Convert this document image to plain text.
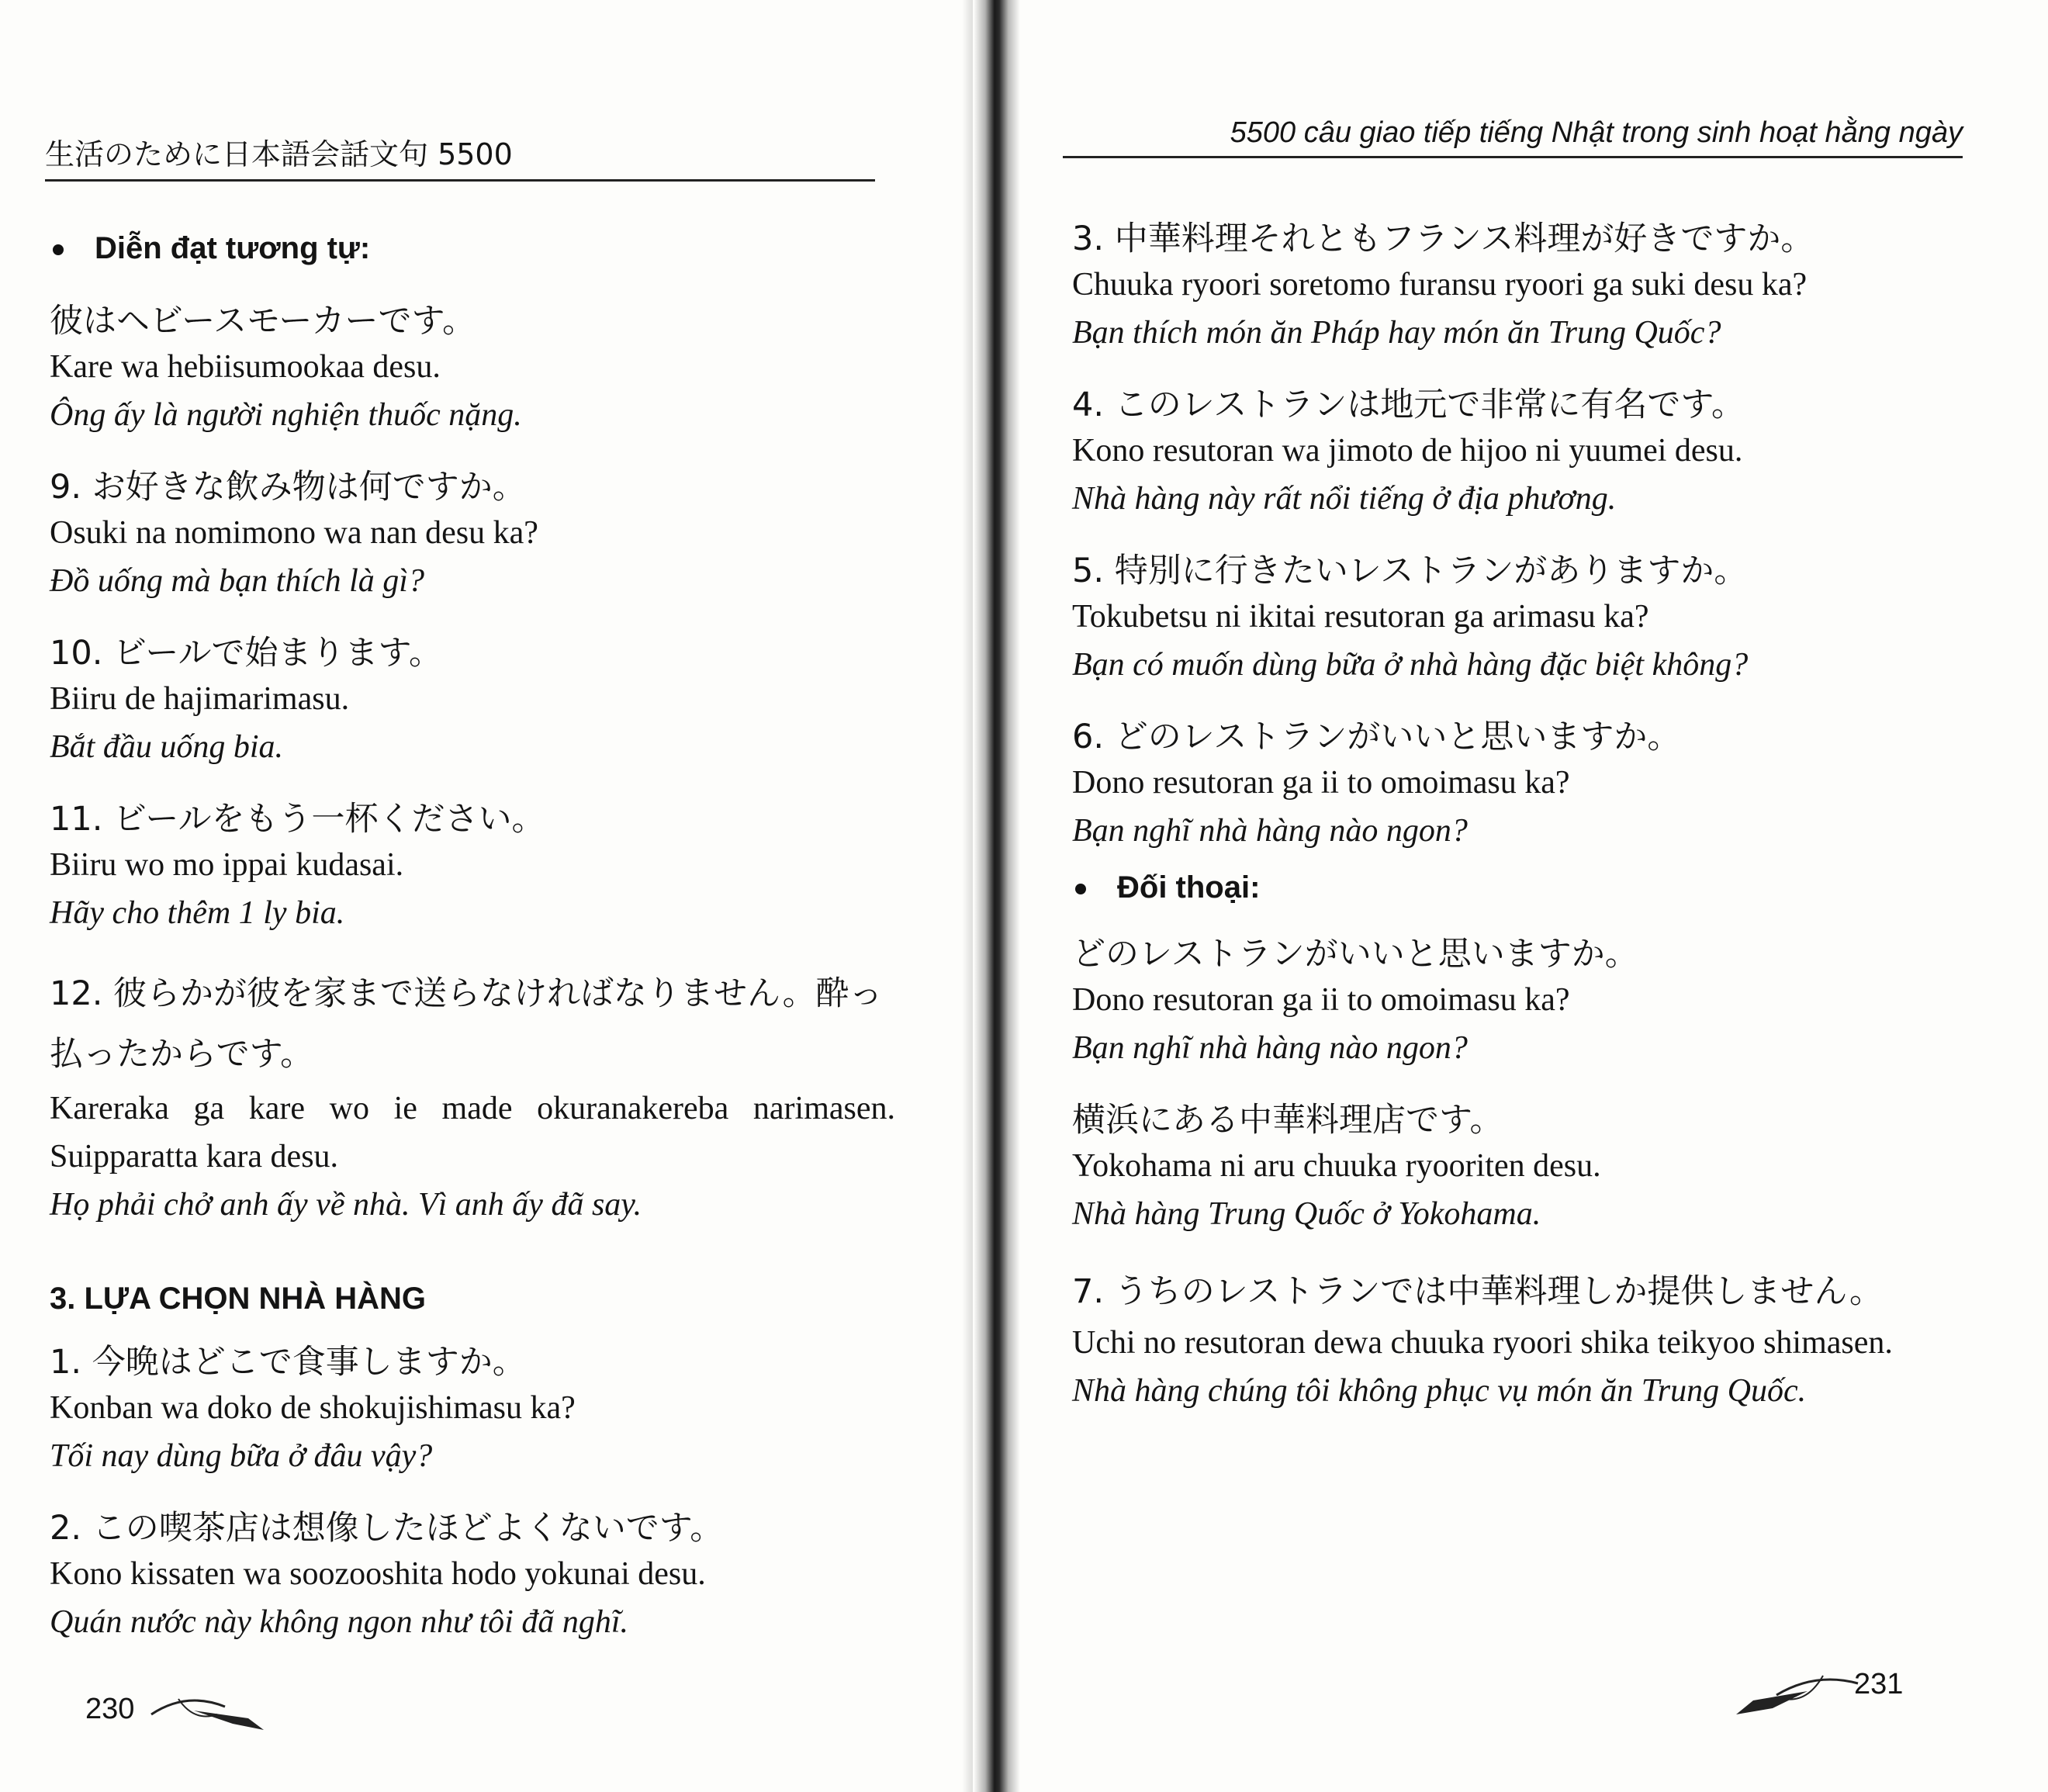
生活のために日本語会話文句 5500
Diễn đạt tương tự:
彼はヘビースモーカーです。
Kare wa hebiisumookaa desu.
Ông ấy là người nghiện thuốc nặng.
9. お好きな飲み物は何ですか。
Osuki na nomimono wa nan desu ka?
Đồ uống mà bạn thích là gì?
10. ビールで始まります。
Biiru de hajimarimasu.
Bắt đầu uống bia.
11. ビールをもう一杯ください。
Biiru wo mo ippai kudasai.
Hãy cho thêm 1 ly bia.
12. 彼らかが彼を家まで送らなければなりません。酔っ払ったからです。
Kareraka ga kare wo ie made okuranakereba narimasen. Suipparatta kara desu.
Họ phải chở anh ấy về nhà. Vì anh ấy đã say.
3. LỰA CHỌN NHÀ HÀNG
1. 今晩はどこで食事しますか。
Konban wa doko de shokujishimasu ka?
Tối nay dùng bữa ở đâu vậy?
2. この喫茶店は想像したほどよくないです。
Kono kissaten wa soozooshita hodo yokunai desu.
Quán nước này không ngon như tôi đã nghĩ.
230
5500 câu giao tiếp tiếng Nhật trong sinh hoạt hằng ngày
3. 中華料理それともフランス料理が好きですか。
Chuuka ryoori soretomo furansu ryoori ga suki desu ka?
Bạn thích món ăn Pháp hay món ăn Trung Quốc?
4. このレストランは地元で非常に有名です。
Kono resutoran wa jimoto de hijoo ni yuumei desu.
Nhà hàng này rất nổi tiếng ở địa phương.
5. 特別に行きたいレストランがありますか。
Tokubetsu ni ikitai resutoran ga arimasu ka?
Bạn có muốn dùng bữa ở nhà hàng đặc biệt không?
6. どのレストランがいいと思いますか。
Dono resutoran ga ii to omoimasu ka?
Bạn nghĩ nhà hàng nào ngon?
Đối thoại:
どのレストランがいいと思いますか。
Dono resutoran ga ii to omoimasu ka?
Bạn nghĩ nhà hàng nào ngon?
横浜にある中華料理店です。
Yokohama ni aru chuuka ryooriten desu.
Nhà hàng Trung Quốc ở Yokohama.
7. うちのレストランでは中華料理しか提供しません。
Uchi no resutoran dewa chuuka ryoori shika teikyoo shimasen.
Nhà hàng chúng tôi không phục vụ món ăn Trung Quốc.
231
